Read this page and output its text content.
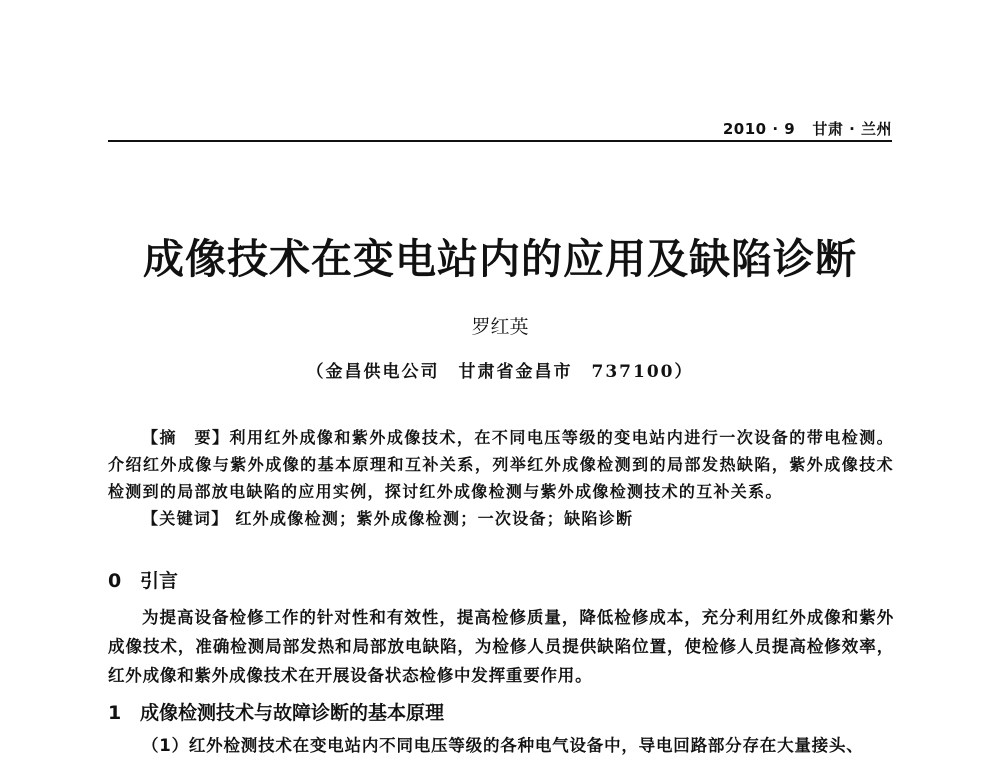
2010 · 9 甘肃 · 兰州
成像技术在变电站内的应用及缺陷诊断
罗红英
（金昌供电公司　甘肃省金昌市　737100）

【摘　要】利用红外成像和紫外成像技术，在不同电压等级的变电站内进行一次设备的带电检测。介绍红外成像与紫外成像的基本原理和互补关系，列举红外成像检测到的局部发热缺陷，紫外成像技术检测到的局部放电缺陷的应用实例，探讨红外成像检测与紫外成像检测技术的互补关系。

【关键词】 红外成像检测；紫外成像检测；一次设备；缺陷诊断

0 引言

为提高设备检修工作的针对性和有效性，提高检修质量，降低检修成本，充分利用红外成像和紫外成像技术，准确检测局部发热和局部放电缺陷，为检修人员提供缺陷位置，使检修人员提高检修效率，红外成像和紫外成像技术在开展设备状态检修中发挥重要作用。

1 成像检测技术与故障诊断的基本原理

（1）红外检测技术在变电站内不同电压等级的各种电气设备中，导电回路部分存在大量接头、
